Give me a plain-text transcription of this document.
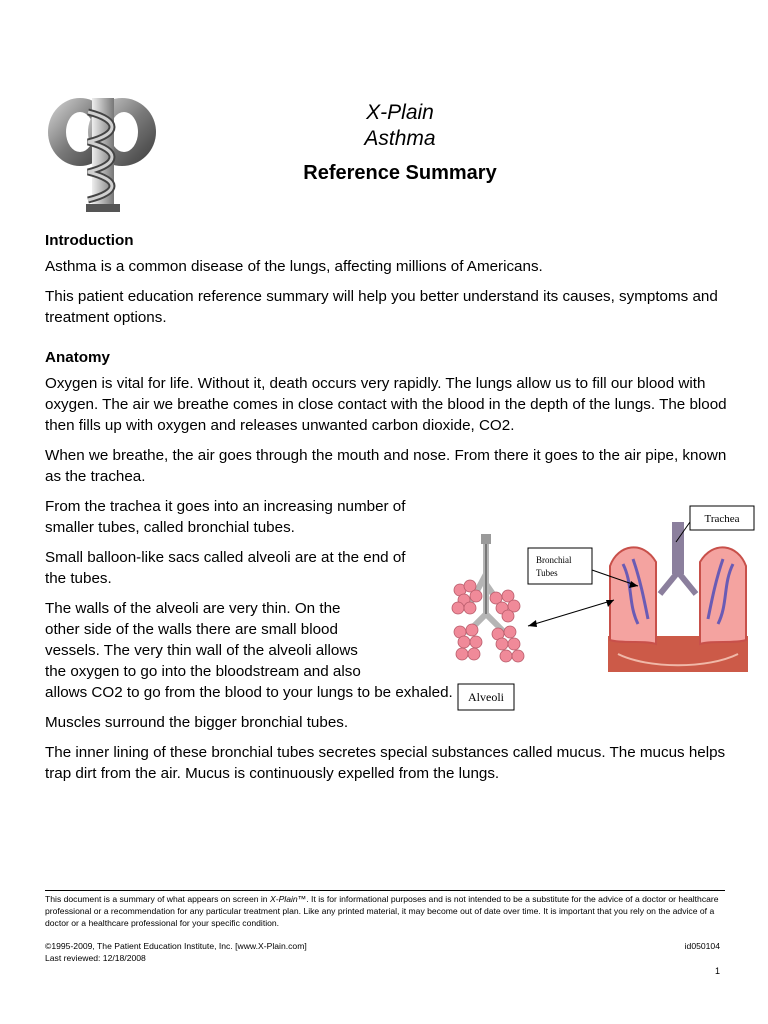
X-Plain
Asthma
Reference Summary
Introduction

Asthma is a common disease of the lungs, affecting millions of Americans.

This patient education reference summary will help you better understand its causes, symptoms and treatment options.

Anatomy

Oxygen is vital for life. Without it, death occurs very rapidly. The lungs allow us to fill our blood with oxygen. The air we breathe comes in close contact with the blood in the depth of the lungs. The blood then fills up with oxygen and releases unwanted carbon dioxide, CO2.

When we breathe, the air goes through the mouth and nose. From there it goes to the air pipe, known as the trachea.

From the trachea it goes into an increasing number of smaller tubes, called bronchial tubes.

Small balloon-like sacs called alveoli are at the end of the tubes.

The walls of the alveoli are very thin. On the
other side of the walls there are small blood
vessels. The very thin wall of the alveoli allows
the oxygen to go into the bloodstream and also
allows CO2 to go from the blood to your lungs to be exhaled.

Muscles surround the bigger bronchial tubes.

The inner lining of these bronchial tubes secretes special substances called mucus. The mucus helps trap dirt from the air. Mucus is continuously expelled from the lungs.

Trachea
Bronchial
Tubes
Alveoli
This document is a summary of what appears on screen in X-Plain™. It is for informational purposes and is not intended to be a substitute for the advice of a doctor or healthcare professional or a recommendation for any particular treatment plan. Like any printed material, it may become out of date over time. It is important that you rely on the advice of a doctor or a healthcare professional for your specific condition.
©1995-2009, The Patient Education Institute, Inc. [www.X-Plain.com]
Last reviewed: 12/18/2008
id050104
1
